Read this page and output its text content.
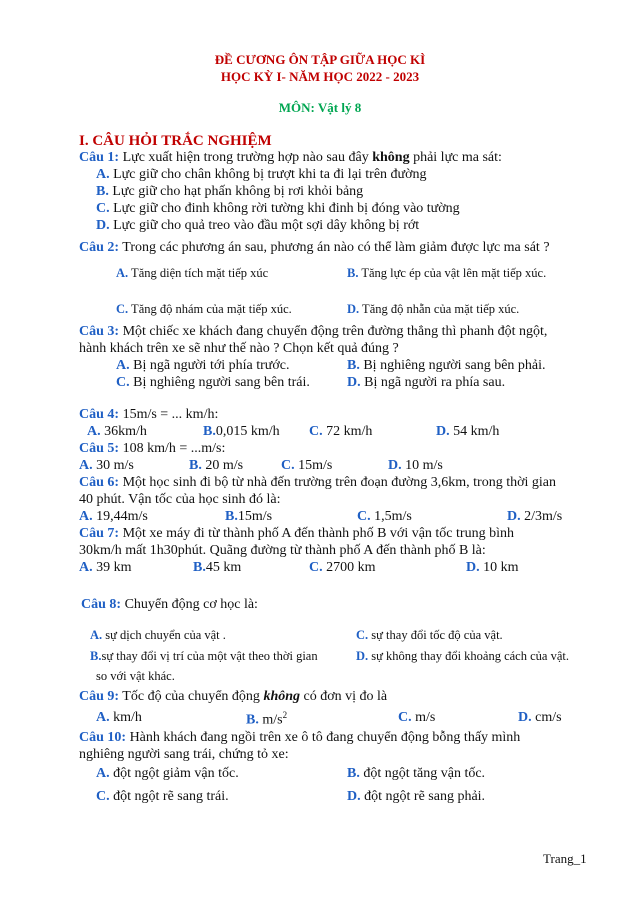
ĐỀ CƯƠNG ÔN TẬP GIỮA HỌC KÌ
HỌC KỲ I- NĂM HỌC 2022 - 2023
MÔN: Vật lý 8
I. CÂU HỎI TRẮC NGHIỆM
Câu 1: Lực xuất hiện trong trường hợp nào sau đây không phải lực ma sát:
A. Lực giữ cho chân không bị trượt khi ta đi lại trên đường
B. Lực giữ cho hạt phấn không bị rơi khỏi bảng
C. Lực giữ cho đinh không rời tường khi đinh bị đóng vào tường
D. Lực giữ cho quả treo vào đầu một sợi dây không bị rớt
Câu 2: Trong các phương án sau, phương án nào có thể làm giảm được lực ma sát ?
A. Tăng diện tích mặt tiếp xúc	B. Tăng lực ép của vật lên mặt tiếp xúc.
C. Tăng độ nhám của mặt tiếp xúc.	D. Tăng độ nhẵn của mặt tiếp xúc.
Câu 3: Một chiếc xe khách đang chuyển động trên đường thẳng thì phanh đột ngột,
hành khách trên xe sẽ như thế nào ? Chọn kết quả đúng ?
A. Bị ngã người tới phía trước.	B. Bị nghiêng người sang bên phải.
C. Bị nghiêng người sang bên trái.	D. Bị ngã người ra phía sau.
Câu 4: 15m/s = ... km/h:
A. 36km/h	B.0,015 km/h C. 72 km/h	D. 54 km/h
Câu 5: 108 km/h = ...m/s:
A. 30 m/s	B. 20 m/s	C. 15m/s	D. 10 m/s
Câu 6: Một học sinh đi bộ từ nhà đến trường trên đoạn đường 3,6km, trong thời gian
40 phút. Vận tốc của học sinh đó là:
A. 19,44m/s	B.15m/s	C. 1,5m/s	D. 2/3m/s
Câu 7: Một xe máy đi từ thành phố A đến thành phố B với vận tốc trung bình
30km/h mất 1h30phút. Quãng đường từ thành phố A đến thành phố B là:
A. 39 km	B.45 km	C. 2700 km	D. 10 km
Câu 8: Chuyển động cơ học là:
A. sự dịch chuyển của vật .	C. sự thay đổi tốc độ của vật.
B.sự thay đổi vị trí của một vật theo thời gian	D. sự không thay đổi khoảng cách của vật.
so với vật khác.
Câu 9: Tốc độ của chuyển động không có đơn vị đo là
A. km/h	B. $m/s^2$	C. m/s	D. cm/s
Câu 10: Hành khách đang ngồi trên xe ô tô đang chuyển động bỗng thấy mình
nghiêng người sang trái, chứng tỏ xe:
A. đột ngột giảm vận tốc.	B. đột ngột tăng vận tốc.
C. đột ngột rẽ sang trái.	D. đột ngột rẽ sang phải.
Trang_1
